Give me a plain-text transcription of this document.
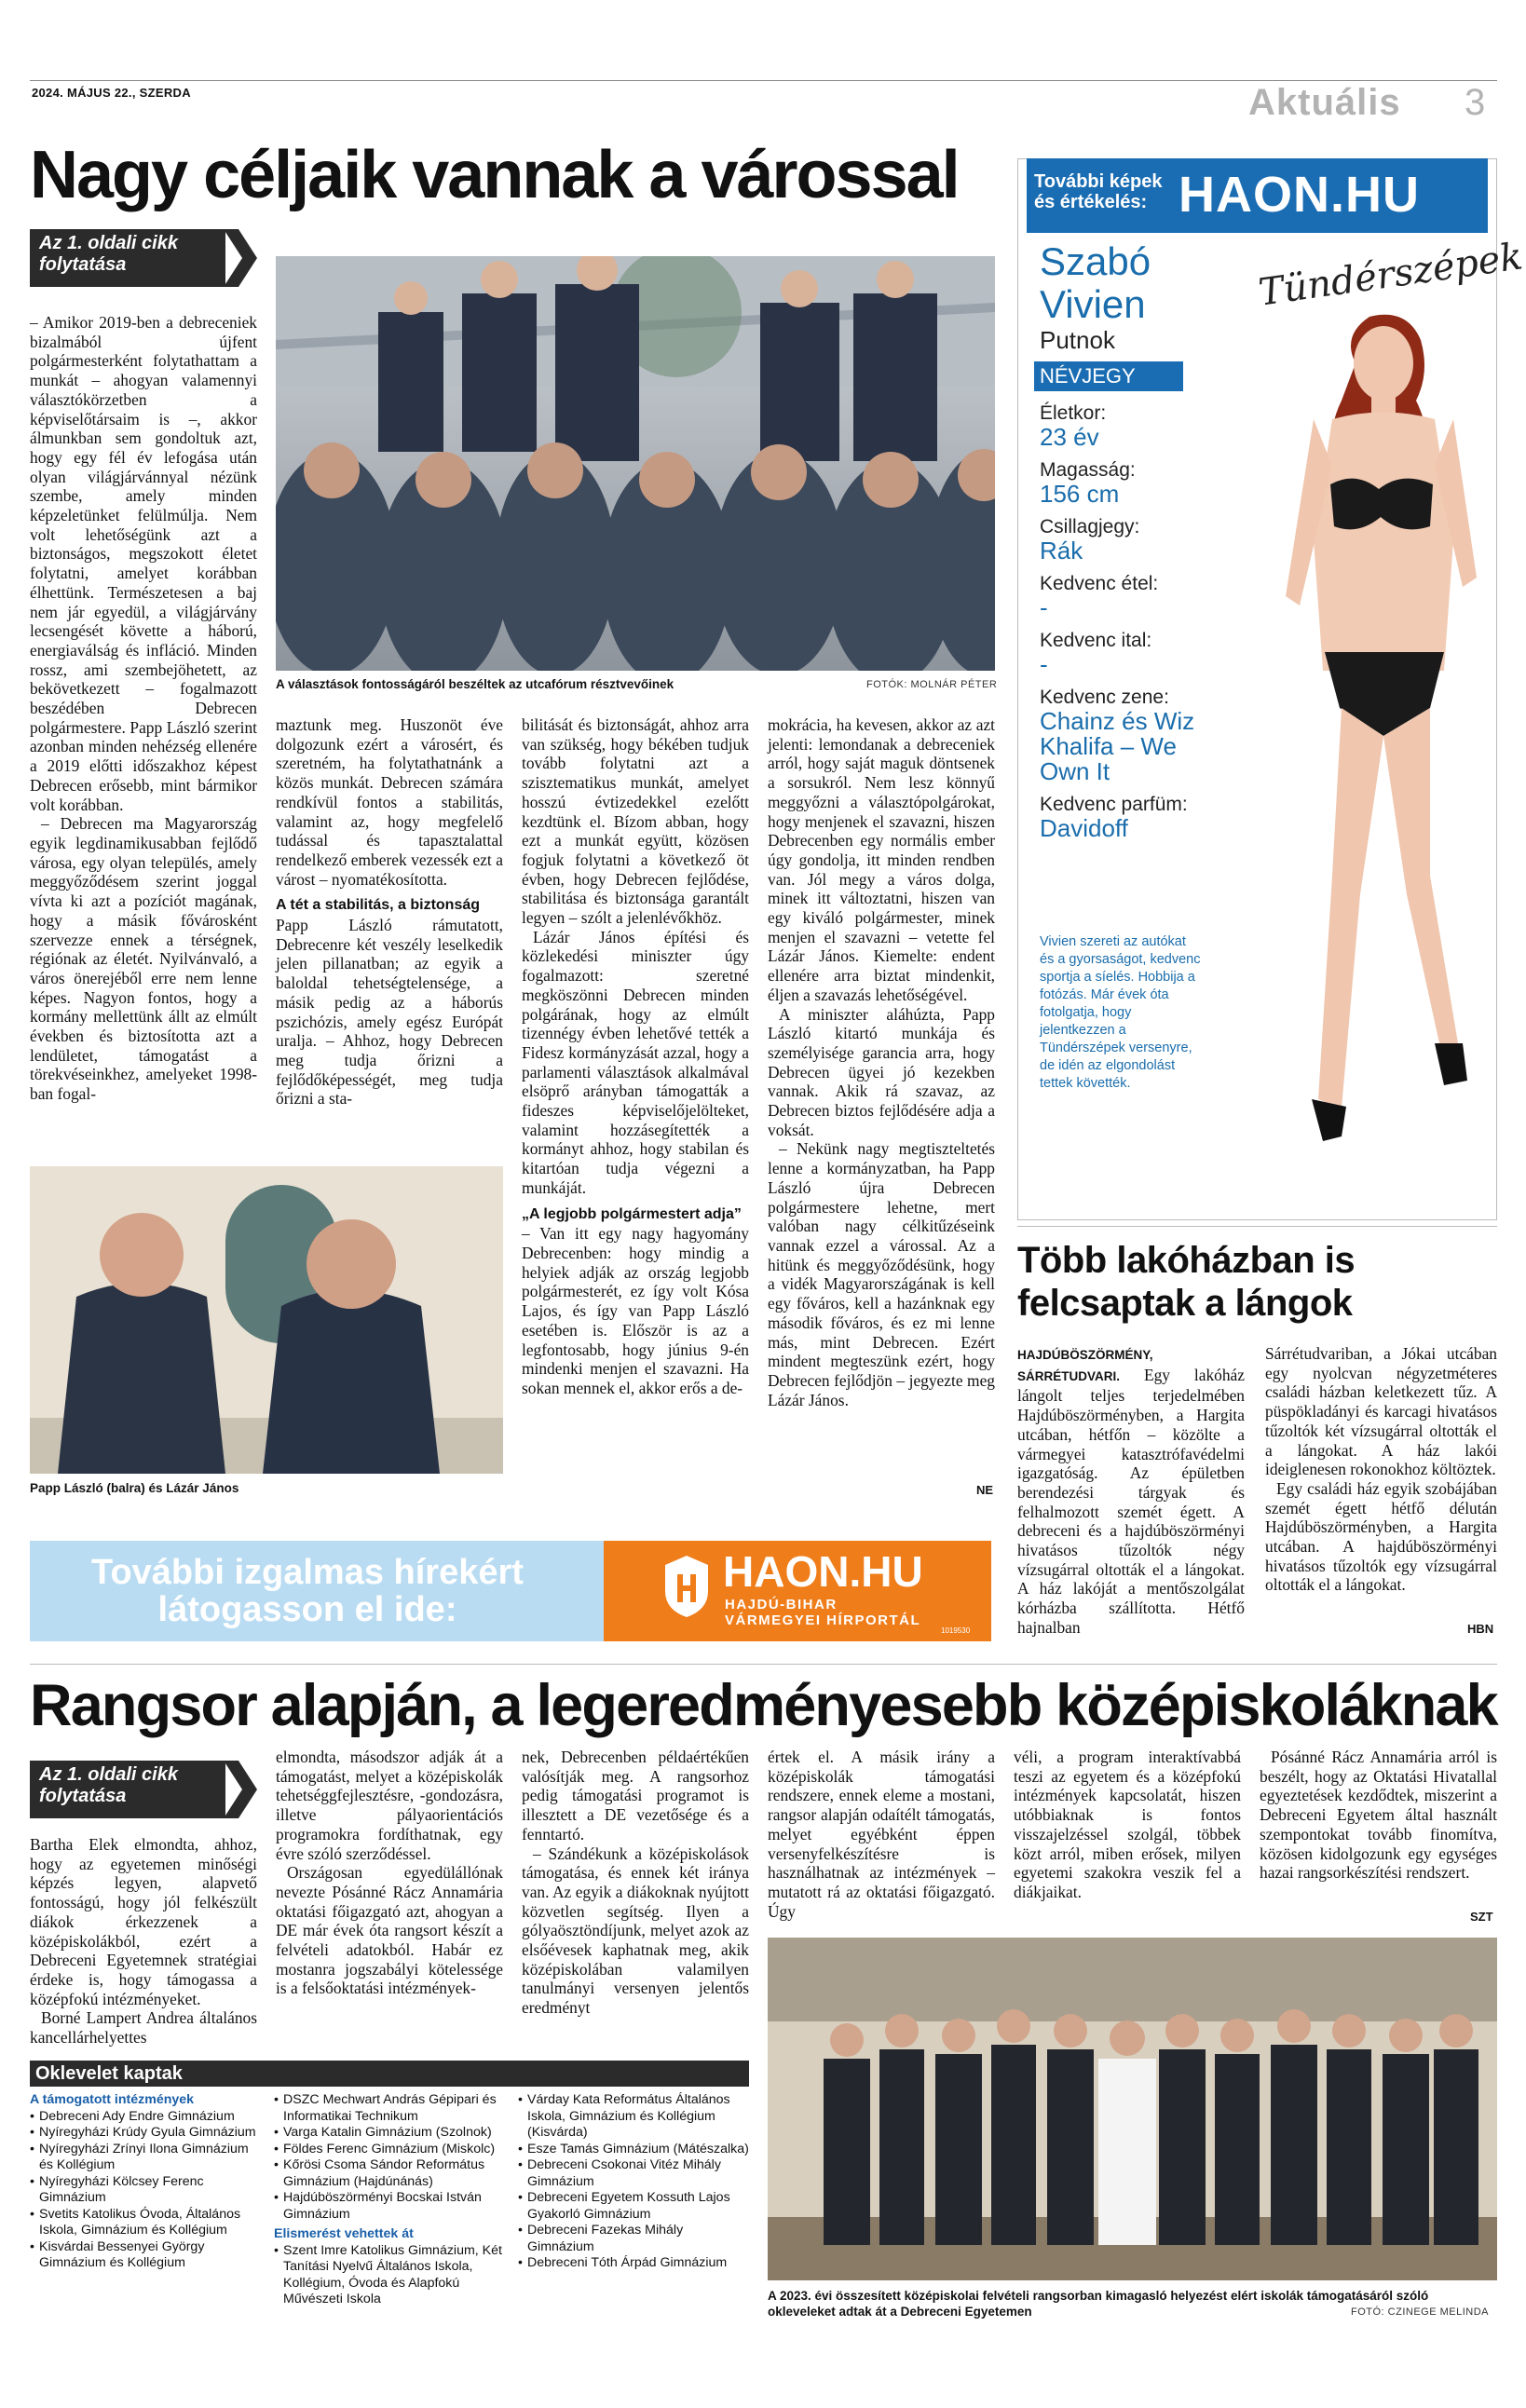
2024. MÁJUS 22., SZERDA	Aktuális 3
Nagy céljaik vannak a várossal
Az 1. oldali cikk folytatása

– Amikor 2019-ben a debreceniek bizalmából újfent polgármesterként folytathattam a munkát – ahogyan valamennyi választókörzetben a képviselőtársaim is –, akkor álmunkban sem gondoltuk azt, hogy egy fél év lefogása után olyan világjárvánnyal nézünk szembe, amely minden képzeletünket felülmúlja. Nem volt lehetőségünk azt a biztonságos, megszokott életet folytatni, amelyet korábban élhettünk. Természetesen a baj nem jár egyedül, a világjárvány lecsengését követte a háború, energiaválság és infláció. Minden rossz, ami szembejöhetett, az bekövetkezett – fogalmazott beszédében Debrecen polgármestere. Papp László szerint azonban minden nehézség ellenére a 2019 előtti időszakhoz képest Debrecen erősebb, mint bármikor volt korábban.

– Debrecen ma Magyarország egyik legdinamikusabban fejlődő városa, egy olyan település, amely meggyőződésem szerint joggal vívta ki azt a pozíciót magának, hogy a másik fővárosként szervezze ennek a térségnek, régiónak az életét. Nyilvánvaló, a város önerejéből erre nem lenne képes. Nagyon fontos, hogy a kormány mellettünk állt az elmúlt években és biztosította azt a lendületet, támogatást a törekvéseinkhez, amelyeket 1998-ban fogal-

A választások fontosságáról beszéltek az utcafórum résztvevőinek	FOTÓK: MOLNÁR PÉTER

maztunk meg. Huszonöt éve dolgozunk ezért a városért, és szeretném, ha folytathatnánk a közös munkát. Debrecen számára rendkívül fontos a stabilitás, valamint az, hogy megfelelő tudással és tapasztalattal rendelkező emberek vezessék ezt a várost – nyomatékosította.

A tét a stabilitás, a biztonság

Papp László rámutatott, Debrecenre két veszély leselkedik jelen pillanatban; az egyik a baloldal tehetségtelensége, a másik pedig az a háborús pszichózis, amely egész Európát uralja. – Ahhoz, hogy Debrecen meg tudja őrizni a fejlődőképességét, meg tudja őrizni a sta-

bilitását és biztonságát, ahhoz arra van szükség, hogy békében tudjuk tovább folytatni azt a szisztematikus munkát, amelyet hosszú évtizedekkel ezelőtt kezdtünk el. Bízom abban, hogy ezt a munkát együtt, közösen fogjuk folytatni a következő öt évben, hogy Debrecen fejlődése, stabilitása és biztonsága garantált legyen – szólt a jelenlévőkhöz.

Lázár János építési és közlekedési miniszter úgy fogalmazott: szeretné megköszönni Debrecen minden polgárának, hogy az elmúlt tizennégy évben lehetővé tették a Fidesz kormányzását azzal, hogy a parlamenti választások alkalmával elsöprő arányban támogatták a fideszes képviselőjelölteket, valamint hozzásegítették a kormányt ahhoz, hogy stabilan és kitartóan tudja végezni a munkáját.

„A legjobb polgármestert adja”

– Van itt egy nagy hagyomány Debrecenben: hogy mindig a helyiek adják az ország legjobb polgármesterét, ez így volt Kósa Lajos, és így van Papp László esetében is. Először is az a legfontosabb, hogy június 9-én mindenki menjen el szavazni. Ha sokan mennek el, akkor erős a de-

mokrácia, ha kevesen, akkor az azt jelenti: lemondanak a debreceniek arról, hogy saját maguk döntsenek a sorsukról. Nem lesz könnyű meggyőzni a választópolgárokat, hogy menjenek el szavazni, hiszen Debrecenben egy normális ember úgy gondolja, itt minden rendben van. Jól megy a város dolga, minek itt változtatni, hiszen van egy kiváló polgármester, minek menjen el szavazni – vetette fel Lázár János. Kiemelte: endent ellenére arra biztat mindenkit, éljen a szavazás lehetőségével.

A miniszter aláhúzta, Papp László kitartó munkája és személyisége garancia arra, hogy Debrecen ügyei jó kezekben vannak. Akik rá szavaz, az Debrecen biztos fejlődésére adja a voksát.

– Nekünk nagy megtiszteltetés lenne a kormányzatban, ha Papp László újra Debrecen polgármestere lehetne, mert valóban nagy célkitűzéseink vannak ezzel a várossal. Az a hitünk és meggyőződésünk, hogy a vidék Magyarországának is kell egy főváros, kell a hazánknak egy második főváros, és ez mi lenne más, mint Debrecen. Ezért mindent megteszünk ezért, hogy Debrecen fejlődjön – jegyezte meg Lázár János.

NE
Papp László (balra) és Lázár János
További képek
és értékelés: HAON.HU
Szabó
Vivien
Putnok
Tündérszépek
NÉVJEGY
Életkor:
23 év
Magasság:
156 cm
Csillagjegy:
Rák
Kedvenc étel:
-
Kedvenc ital:
-
Kedvenc zene:
Chainz és Wiz Khalifa – We Own It
Kedvenc parfüm:
Davidoff
Vivien szereti az autókat és a gyorsaságot, kedvenc sportja a síelés. Hobbija a fotózás. Már évek óta fotolgatja, hogy jelentkezzen a Tündérszépek versenyre, de idén az elgondolást tettek követték.
Több lakóházban is felcsaptak a lángok
HAJDÚBÖSZÖRMÉNY, SÁRRÉTUDVARI. Egy lakóház lángolt teljes terjedelmében Hajdúböszörményben, a Hargita utcában, hétfőn – közölte a vármegyei katasztrófavédelmi igazgatóság. Az épületben berendezési tárgyak és felhalmozott szemét égett. A debreceni és a hajdúböszörményi hivatásos tűzoltók négy vízsugárral oltották el a lángokat. A ház lakóját a mentőszolgálat kórházba szállította. Hétfő hajnalban

Sárrétudvariban, a Jókai utcában egy nyolcvan négyzetméteres családi házban keletkezett tűz. A püspökladányi és karcagi hivatásos tűzoltók két vízsugárral oltották el a lángokat. A ház lakói ideiglenesen rokonokhoz költöztek.

Egy családi ház egyik szobájában szemét égett hétfő délután Hajdúböszörményben, a Hargita utcában. A hajdúböszörményi hivatásos tűzoltók egy vízsugárral oltották el a lángokat.

HBN
További izgalmas hírekért
látogasson el ide:
HAON.HU
HAJDÚ-BIHAR
VÁRMEGYEI HÍRPORTÁL
1019530
Rangsor alapján, a legeredményesebb középiskoláknak
Az 1. oldali cikk folytatása

Bartha Elek elmondta, ahhoz, hogy az egyetemen minőségi képzés legyen, alapvető fontosságú, hogy jól felkészült diákok érkezzenek a középiskolákból, ezért a Debreceni Egyetemnek stratégiai érdeke is, hogy támogassa a középfokú intézményeket.

Borné Lampert Andrea általános kancellárhelyettes

elmondta, másodszor adják át a támogatást, melyet a középiskolák tehetséggfejlesztésre, -gondozásra, illetve pályaorientációs programokra fordíthatnak, egy évre szóló szerződéssel.

Országosan egyedülállónak nevezte Pósánné Rácz Annamária oktatási főigazgató azt, ahogyan a DE már évek óta rangsort készít a felvételi adatokból. Habár ez mostanra jogszabályi kötelessége is a felsőoktatási intézmények-

nek, Debrecenben példaértékűen valósítják meg. A rangsorhoz pedig támogatási programot is illesztett a DE vezetősége és a fenntartó.

– Szándékunk a középiskolások támogatása, és ennek két iránya van. Az egyik a diákoknak nyújtott közvetlen segítség. Ilyen a gólyaösztöndíjunk, melyet azok az elsőévesek kaphatnak meg, akik középiskolában valamilyen tanulmányi versenyen jelentős eredményt

értek el. A másik irány a középiskolák támogatási rendszere, ennek eleme a mostani, rangsor alapján odaítélt támogatás, melyet egyébként éppen versenyfelkészítésre is használhatnak az intézmények – mutatott rá az oktatási főigazgató. Úgy

véli, a program interaktívabbá teszi az egyetem és a középfokú intézmények kapcsolatát, hiszen utóbbiaknak is fontos visszajelzéssel szolgál, többek közt arról, miben erősek, milyen egyetemi szakokra veszik fel a diákjaikat.

Pósánné Rácz Annamária arról is beszélt, hogy az Oktatási Hivatallal egyeztetések kezdődtek, miszerint a Debreceni Egyetem által használt szempontokat tovább finomítva, közösen kidolgozunk egy egységes hazai rangsorkészítési rendszert.

SZT
A 2023. évi összesített középiskolai felvételi rangsorban kimagasló helyezést elért iskolák támogatásáról szóló okleveleket adtak át a Debreceni Egyetemen	FOTÓ: CZINEGE MELINDA
Oklevelet kaptak
A támogatott intézmények
• Debreceni Ady Endre Gimnázium
• Nyíregyházi Krúdy Gyula Gimnázium
• Nyíregyházi Zrínyi Ilona Gimnázium és Kollégium
• Nyíregyházi Kölcsey Ferenc Gimnázium
• Svetits Katolikus Óvoda, Általános Iskola, Gimnázium és Kollégium
• Kisvárdai Bessenyei György Gimnázium és Kollégium
• DSZC Mechwart András Gépipari és Informatikai Technikum
• Varga Katalin Gimnázium (Szolnok)
• Földes Ferenc Gimnázium (Miskolc)
• Kőrösi Csoma Sándor Református Gimnázium (Hajdúnánás)
• Hajdúböszörményi Bocskai István Gimnázium
Elismerést vehettek át
• Szent Imre Katolikus Gimnázium, Két Tanítási Nyelvű Általános Iskola, Kollégium, Óvoda és Alapfokú Művészeti Iskola
• Várday Kata Református Általános Iskola, Gimnázium és Kollégium (Kisvárda)
• Esze Tamás Gimnázium (Mátészalka)
• Debreceni Csokonai Vitéz Mihály Gimnázium
• Debreceni Egyetem Kossuth Lajos Gyakorló Gimnázium
• Debreceni Fazekas Mihály Gimnázium
• Debreceni Tóth Árpád Gimnázium
